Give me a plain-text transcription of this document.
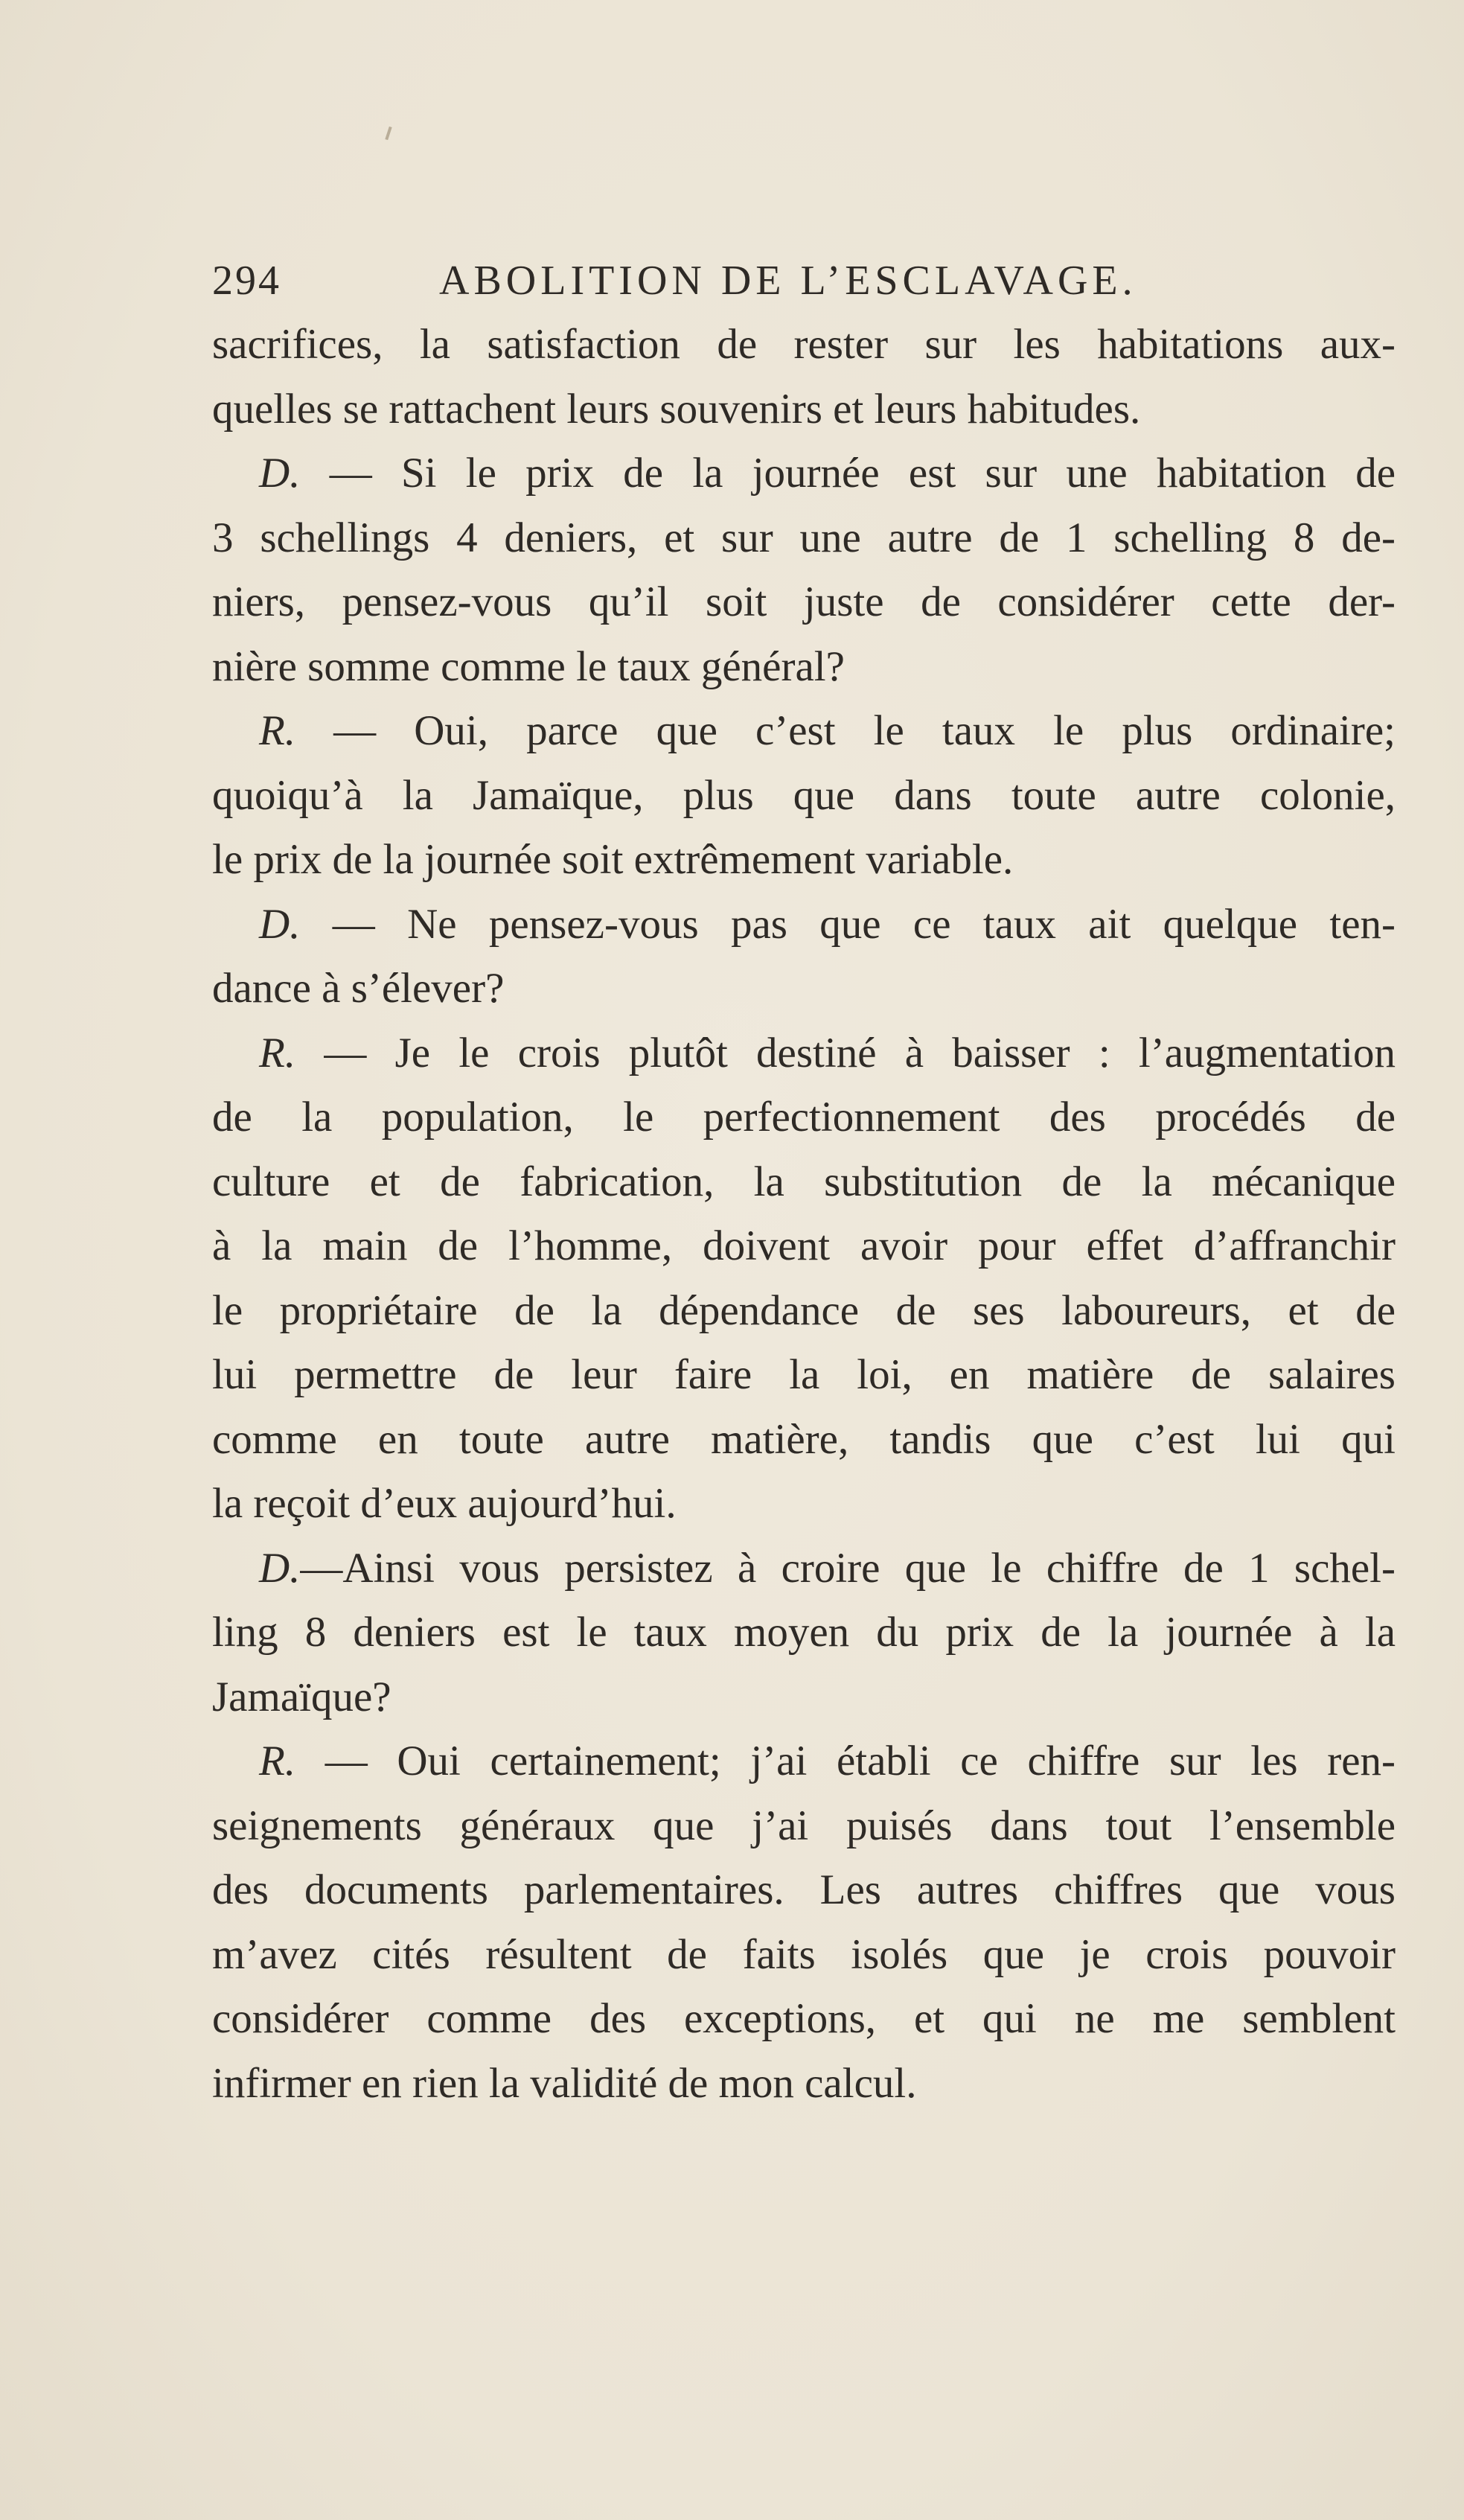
294	ABOLITION DE L’ESCLAVAGE.
sacrifices, la satisfaction de rester sur les habitations aux-
quelles se rattachent leurs souvenirs et leurs habitudes.
D. — Si le prix de la journée est sur une habitation de
3 schellings 4 deniers, et sur une autre de 1 schelling 8 de-
niers, pensez-vous qu’il soit juste de considérer cette der-
nière somme comme le taux général?
R. — Oui, parce que c’est le taux le plus ordinaire;
quoiqu’à la Jamaïque, plus que dans toute autre colonie,
le prix de la journée soit extrêmement variable.
D. — Ne pensez-vous pas que ce taux ait quelque ten-
dance à s’élever?
R. — Je le crois plutôt destiné à baisser : l’augmentation
de la population, le perfectionnement des procédés de
culture et de fabrication, la substitution de la mécanique
à la main de l’homme, doivent avoir pour effet d’affranchir
le propriétaire de la dépendance de ses laboureurs, et de
lui permettre de leur faire la loi, en matière de salaires
comme en toute autre matière, tandis que c’est lui qui
la reçoit d’eux aujourd’hui.
D.—Ainsi vous persistez à croire que le chiffre de 1 schel-
ling 8 deniers est le taux moyen du prix de la journée à la
Jamaïque?
R. — Oui certainement; j’ai établi ce chiffre sur les ren-
seignements généraux que j’ai puisés dans tout l’ensemble
des documents parlementaires. Les autres chiffres que vous
m’avez cités résultent de faits isolés que je crois pouvoir
considérer comme des exceptions, et qui ne me semblent
infirmer en rien la validité de mon calcul.
